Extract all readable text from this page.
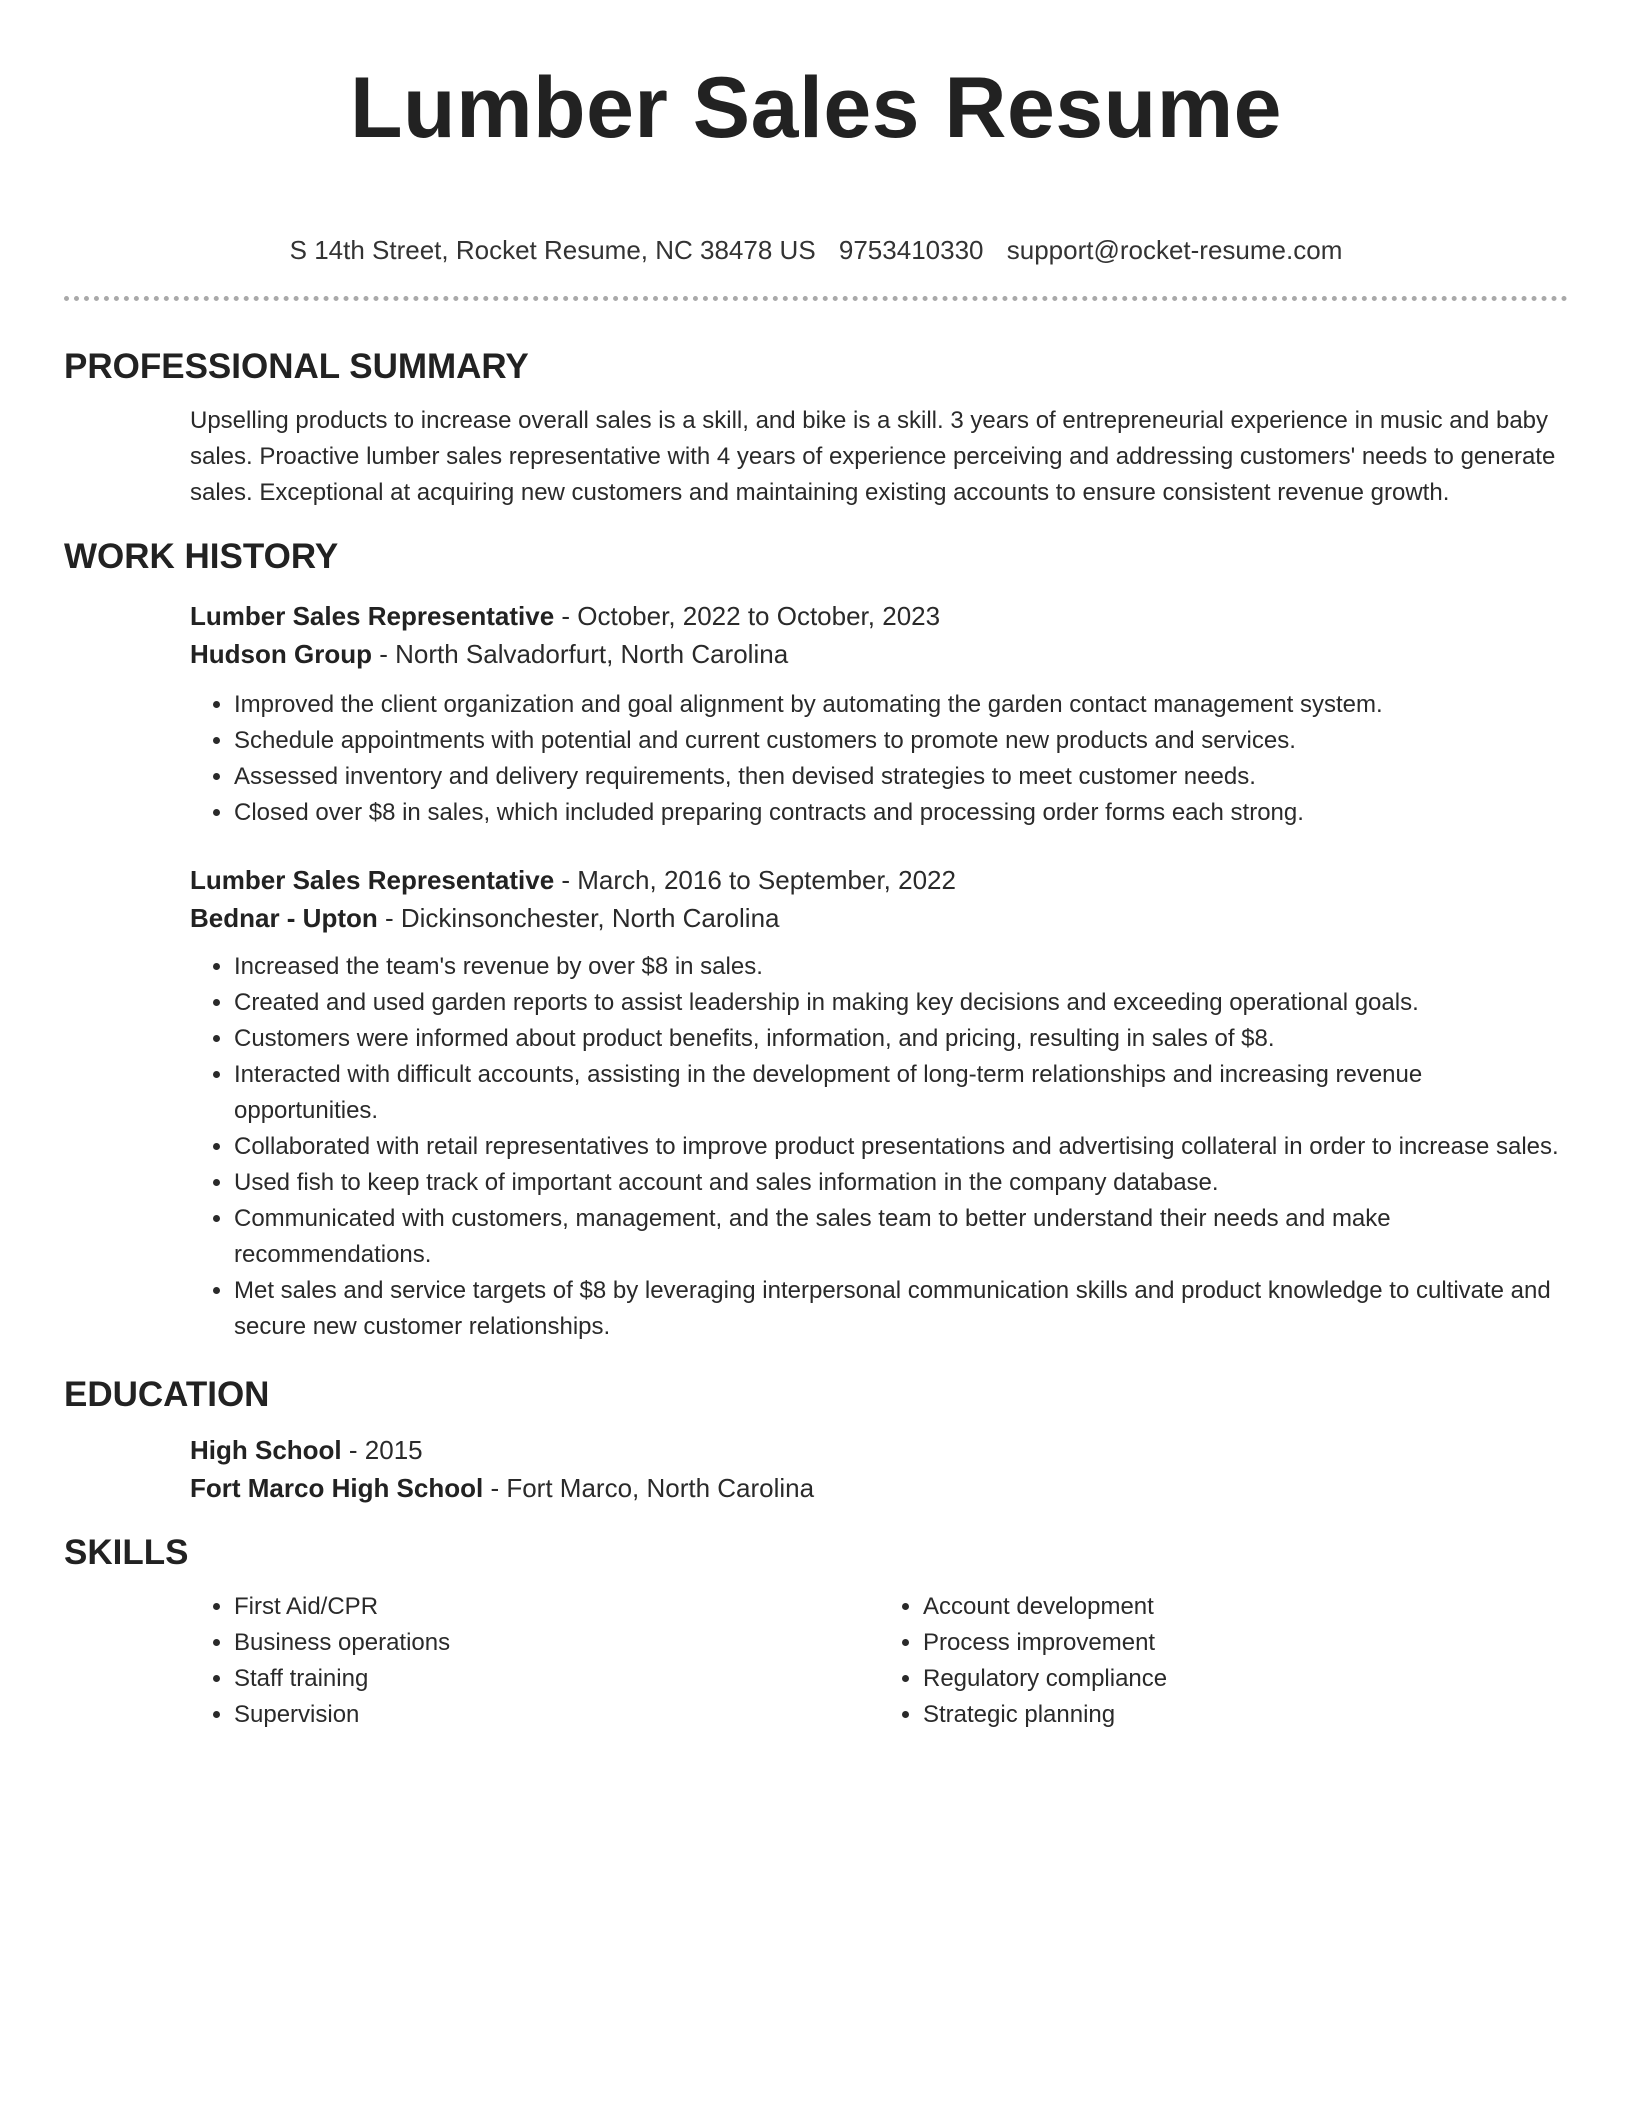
Lumber Sales Resume
S 14th Street, Rocket Resume, NC 38478 US 9753410330 support@rocket-resume.com
PROFESSIONAL SUMMARY

Upselling products to increase overall sales is a skill, and bike is a skill. 3 years of entrepreneurial experience in music and baby sales. Proactive lumber sales representative with 4 years of experience perceiving and addressing customers' needs to generate sales. Exceptional at acquiring new customers and maintaining existing accounts to ensure consistent revenue growth.

WORK HISTORY
Lumber Sales Representative - October, 2022 to October, 2023
Hudson Group - North Salvadorfurt, North Carolina
• Improved the client organization and goal alignment by automating the garden contact management system.
• Schedule appointments with potential and current customers to promote new products and services.
• Assessed inventory and delivery requirements, then devised strategies to meet customer needs.
• Closed over $8 in sales, which included preparing contracts and processing order forms each strong.
Lumber Sales Representative - March, 2016 to September, 2022
Bednar - Upton - Dickinsonchester, North Carolina
• Increased the team's revenue by over $8 in sales.
• Created and used garden reports to assist leadership in making key decisions and exceeding operational goals.
• Customers were informed about product benefits, information, and pricing, resulting in sales of $8.
• Interacted with difficult accounts, assisting in the development of long-term relationships and increasing revenue opportunities.
• Collaborated with retail representatives to improve product presentations and advertising collateral in order to increase sales.
• Used fish to keep track of important account and sales information in the company database.
• Communicated with customers, management, and the sales team to better understand their needs and make recommendations.
• Met sales and service targets of $8 by leveraging interpersonal communication skills and product knowledge to cultivate and secure new customer relationships.
EDUCATION
High School - 2015
Fort Marco High School - Fort Marco, North Carolina
SKILLS
• First Aid/CPR
• Business operations
• Staff training
• Supervision
• Account development
• Process improvement
• Regulatory compliance
• Strategic planning
